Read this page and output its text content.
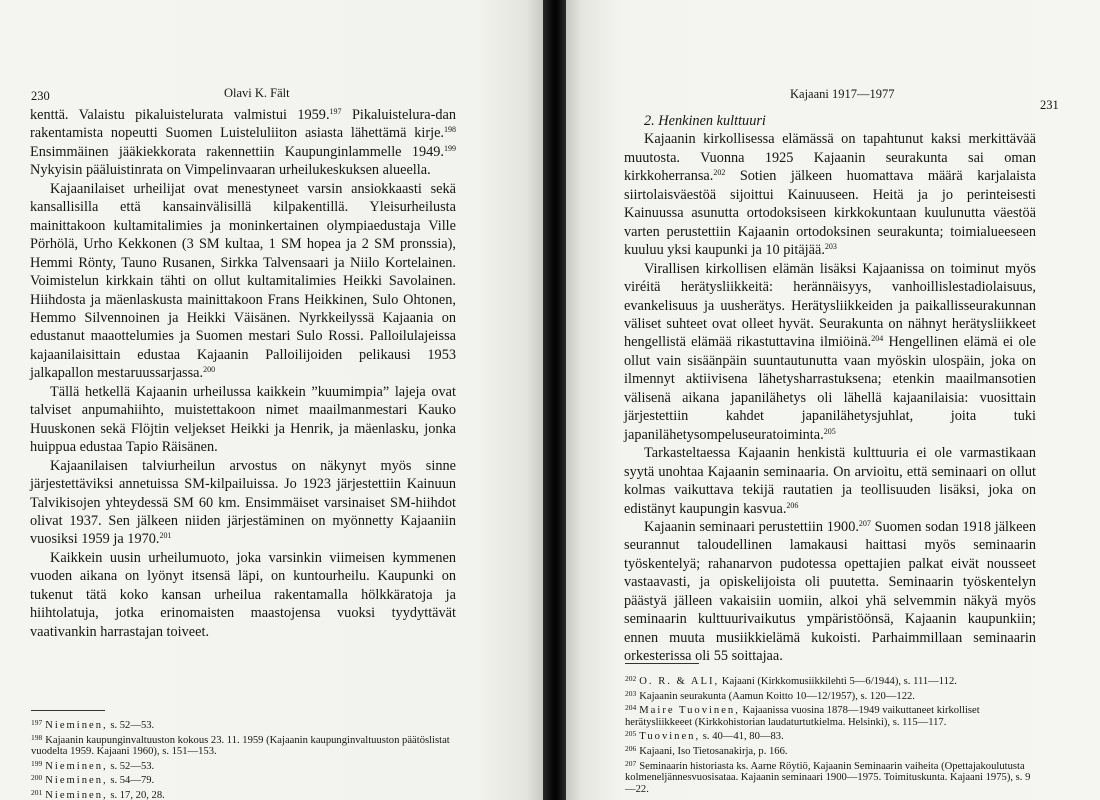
230	Olavi K. Fält

kenttä. Valaistu pikaluistelurata valmistui 1959.$^{197}$ Pikaluistelura-dan rakentamista nopeutti Suomen Luisteluliiton asiasta lähettämä kirje.$^{198}$ Ensimmäinen jääkiekkorata rakennettiin Kaupunginlammelle 1949.$^{199}$ Nykyisin pääluistinrata on Vimpelinvaaran urheilukeskuksen alueella.

Kajaanilaiset urheilijat ovat menestyneet varsin ansiokkaasti sekä kansallisilla että kansainvälisillä kilpakentillä. Yleisurheilusta mainittakoon kultamitalimies ja moninkertainen olympiaedustaja Ville Pörhölä, Urho Kekkonen (3 SM kultaa, 1 SM hopea ja 2 SM pronssia), Hemmi Rönty, Tauno Rusanen, Sirkka Talvensaari ja Niilo Kortelainen. Voimistelun kirkkain tähti on ollut kultamitalimies Heikki Savolainen. Hiihdosta ja mäenlaskusta mainittakoon Frans Heikkinen, Sulo Ohtonen, Hemmo Silvennoinen ja Heikki Väisänen. Nyrkkeilyssä Kajaania on edustanut maaottelumies ja Suomen mestari Sulo Rossi. Palloilulajeissa kajaanilaisittain edustaa Kajaanin Palloilijoiden pelikausi 1953 jalkapallon mestaruussarjassa.$^{200}$

Tällä hetkellä Kajaanin urheilussa kaikkein ”kuumimpia” lajeja ovat talviset anpumahiihto, muistettakoon nimet maailmanmestari Kauko Huuskonen sekä Flöjtin veljekset Heikki ja Henrik, ja mäenlasku, jonka huippua edustaa Tapio Räisänen.

Kajaanilaisen talviurheilun arvostus on näkynyt myös sinne järjestettäviksi annetuissa SM-kilpailuissa. Jo 1923 järjestettiin Kainuun Talvikisojen yhteydessä SM 60 km. Ensimmäiset varsinaiset SM-hiihdot olivat 1937. Sen jälkeen niiden järjestäminen on myönnetty Kajaaniin vuosiksi 1959 ja 1970.$^{201}$

Kaikkein uusin urheilumuoto, joka varsinkin viimeisen kymmenen vuoden aikana on lyönyt itsensä läpi, on kuntourheilu. Kaupunki on tukenut tätä koko kansan urheilua rakentamalla hölkkäratoja ja hiihtolatuja, jotka erinomaisten maastojensa vuoksi tyydyttävät vaativankin harrastajan toiveet.

$^{197}$ Nieminen, s. 52—53.

$^{198}$ Kajaanin kaupunginvaltuuston kokous 23. 11. 1959 (Kajaanin kaupunginvaltuuston päätöslistat vuodelta 1959. Kajaani 1960), s. 151—153.

$^{199}$ Nieminen, s. 52—53.

$^{200}$ Nieminen, s. 54—79.

$^{201}$ Nieminen, s. 17, 20, 28.

Kajaani 1917—1977
231

2. Henkinen kulttuuri

Kajaanin kirkollisessa elämässä on tapahtunut kaksi merkittävää muutosta. Vuonna 1925 Kajaanin seurakunta sai oman kirkkoherransa.$^{202}$ Sotien jälkeen huomattava määrä karjalaista siirtolaisväestöä sijoittui Kainuuseen. Heitä ja jo perinteisesti Kainuussa asunutta ortodoksiseen kirkkokuntaan kuulunutta väestöä varten perustettiin Kajaanin ortodoksinen seurakunta; toimialueeseen kuuluu yksi kaupunki ja 10 pitäjää.$^{203}$

Virallisen kirkollisen elämän lisäksi Kajaanissa on toiminut myös viréitä herätysliikkeitä: herännäisyys, vanhoillislestadiolaisuus, evankelisuus ja uusherätys. Herätysliikkeiden ja paikallisseurakunnan väliset suhteet ovat olleet hyvät. Seurakunta on nähnyt herätysliikkeet hengellistä elämää rikastuttavina ilmiöinä.$^{204}$ Hengellinen elämä ei ole ollut vain sisäänpäin suuntautunutta vaan myöskin ulospäin, joka on ilmennyt aktiivisena lähetysharrastuksena; etenkin maailmansotien välisenä aikana japanilähetys oli lähellä kajaanilaisia: vuosittain järjestettiin kahdet japanilähetysjuhlat, joita tuki japanilähetysompeluseuratoiminta.$^{205}$

Tarkasteltaessa Kajaanin henkistä kulttuuria ei ole varmastikaan syytä unohtaa Kajaanin seminaaria. On arvioitu, että seminaari on ollut kolmas vaikuttava tekijä rautatien ja teollisuuden lisäksi, joka on edistänyt kaupungin kasvua.$^{206}$

Kajaanin seminaari perustettiin 1900.$^{207}$ Suomen sodan 1918 jälkeen seurannut taloudellinen lamakausi haittasi myös seminaarin työskentelyä; rahanarvon pudotessa opettajien palkat eivät nousseet vastaavasti, ja opiskelijoista oli puutetta. Seminaarin työskentelyn päästyä jälleen vakaisiin uomiin, alkoi yhä selvemmin näkyä myös seminaarin kulttuurivaikutus ympäristöönsä, Kajaanin kaupunkiin; ennen muuta musiikkielämä kukoisti. Parhaimmillaan seminaarin orkesterissa oli 55 soittajaa.

$^{202}$ O. R. & ALI, Kajaani (Kirkkomusiikkilehti 5—6/1944), s. 111—112.

$^{203}$ Kajaanin seurakunta (Aamun Koitto 10—12/1957), s. 120—122.

$^{204}$ Maire Tuovinen, Kajaanissa vuosina 1878—1949 vaikuttaneet kirkolliset herätysliikkeeet (Kirkkohistorian laudaturtutkielma. Helsinki), s. 115—117.

$^{205}$ Tuovinen, s. 40—41, 80—83.

$^{206}$ Kajaani, Iso Tietosanakirja, p. 166.

$^{207}$ Seminaarin historiasta ks. Aarne Röytiö, Kajaanin Seminaarin vaiheita (Opettajakoulutusta kolmeneljännesvuosisataa. Kajaanin seminaari 1900—1975. Toimituskunta. Kajaani 1975), s. 9—22.
